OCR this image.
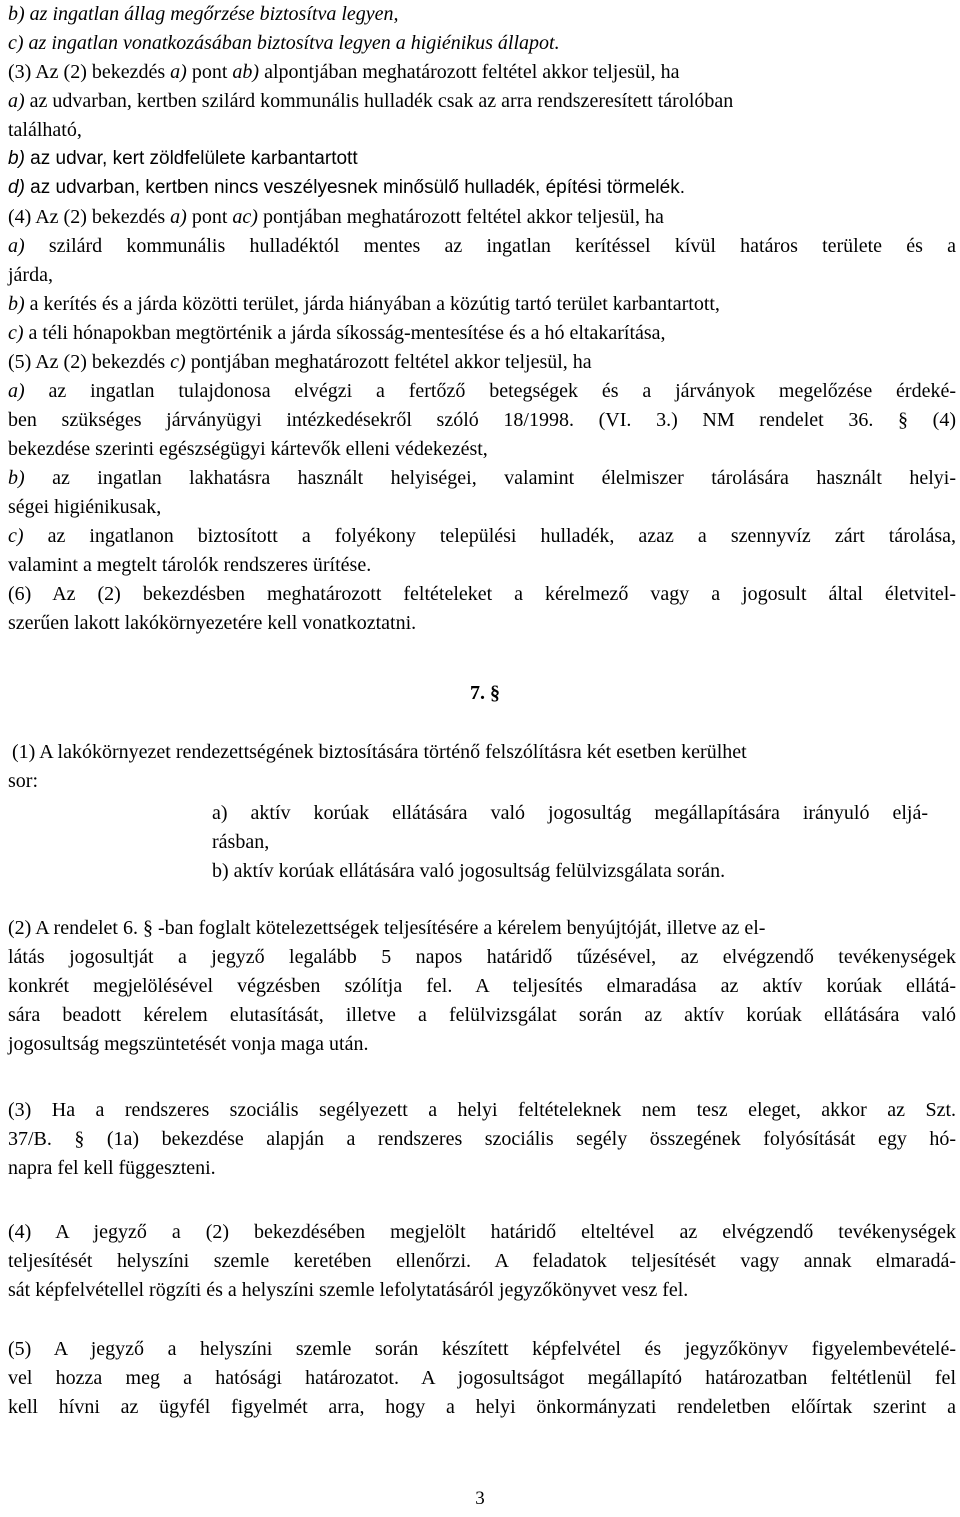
b) az ingatlan állag megőrzése biztosítva legyen,
c) az ingatlan vonatkozásában biztosítva legyen a higiénikus állapot.
(3) Az (2) bekezdés a) pont ab) alpontjában meghatározott feltétel akkor teljesül, ha
a) az udvarban, kertben szilárd kommunális hulladék csak az arra rendszeresített tárolóban
található,
b) az udvar, kert zöldfelülete karbantartott
d) az udvarban, kertben nincs veszélyesnek minősülő hulladék, építési törmelék.
(4) Az (2) bekezdés a) pont ac) pontjában meghatározott feltétel akkor teljesül, ha
a) szilárd kommunális hulladéktól mentes az ingatlan kerítéssel kívül határos területe és a
járda,
b) a kerítés és a járda közötti terület, járda hiányában a közútig tartó terület karbantartott,
c) a téli hónapokban megtörténik a járda síkosság-mentesítése és a hó eltakarítása,
(5) Az (2) bekezdés c) pontjában meghatározott feltétel akkor teljesül, ha
a) az ingatlan tulajdonosa elvégzi a fertőző betegségek és a járványok megelőzése érdeké-
ben szükséges járványügyi intézkedésekről szóló 18/1998. (VI. 3.) NM rendelet 36. § (4)
bekezdése szerinti egészségügyi kártevők elleni védekezést,
b) az ingatlan lakhatásra használt helyiségei, valamint élelmiszer tárolására használt helyi-
ségei higiénikusak,
c) az ingatlanon biztosított a folyékony települési hulladék, azaz a szennyvíz zárt tárolása,
valamint a megtelt tárolók rendszeres ürítése.
(6) Az (2) bekezdésben meghatározott feltételeket a kérelmező vagy a jogosult által életvitel-
szerűen lakott lakókörnyezetére kell vonatkoztatni.
7. §
(1) A lakókörnyezet rendezettségének biztosítására történő felszólításra két esetben kerülhet
sor:
a) aktív korúak ellátására való jogosultág megállapítására irányuló eljá-
rásban,
b) aktív korúak ellátására való jogosultság felülvizsgálata során.
(2) A rendelet 6. § -ban foglalt kötelezettségek teljesítésére a kérelem benyújtóját, illetve az el-
látás jogosultját a jegyző legalább 5 napos határidő tűzésével, az elvégzendő tevékenységek
konkrét megjelölésével végzésben szólítja fel. A teljesítés elmaradása az aktív korúak ellátá-
sára beadott kérelem elutasítását, illetve a felülvizsgálat során az aktív korúak ellátására való
jogosultság megszüntetését vonja maga után.
(3) Ha a rendszeres szociális segélyezett a helyi feltételeknek nem tesz eleget, akkor az Szt.
37/B. § (1a) bekezdése alapján a rendszeres szociális segély összegének folyósítását egy hó-
napra fel kell függeszteni.
(4) A jegyző a (2) bekezdésében megjelölt határidő elteltével az elvégzendő tevékenységek
teljesítését helyszíni szemle keretében ellenőrzi. A feladatok teljesítését vagy annak elmaradá-
sát képfelvétellel rögzíti és a helyszíni szemle lefolytatásáról jegyzőkönyvet vesz fel.
(5) A jegyző a helyszíni szemle során készített képfelvétel és jegyzőkönyv figyelembevételé-
vel hozza meg a hatósági határozatot. A jogosultságot megállapító határozatban feltétlenül fel
kell hívni az ügyfél figyelmét arra, hogy a helyi önkormányzati rendeletben előírtak szerint a
3
